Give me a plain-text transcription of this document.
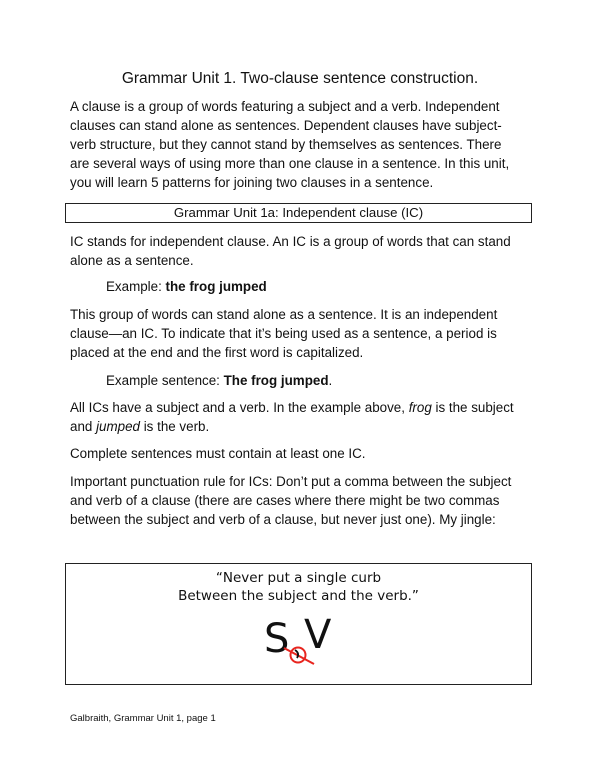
Grammar Unit 1. Two-clause sentence construction.
A clause is a group of words featuring a subject and a verb. Independent
clauses can stand alone as sentences. Dependent clauses have subject-
verb structure, but they cannot stand by themselves as sentences. There
are several ways of using more than one clause in a sentence. In this unit,
you will learn 5 patterns for joining two clauses in a sentence.
Grammar Unit 1a: Independent clause (IC)
IC stands for independent clause. An IC is a group of words that can stand
alone as a sentence.
Example: the frog jumped
This group of words can stand alone as a sentence. It is an independent
clause—an IC. To indicate that it’s being used as a sentence, a period is
placed at the end and the first word is capitalized.
Example sentence: The frog jumped.
All ICs have a subject and a verb. In the example above, frog is the subject
and jumped is the verb.
Complete sentences must contain at least one IC.
Important punctuation rule for ICs: Don’t put a comma between the subject
and verb of a clause (there are cases where there might be two commas
between the subject and verb of a clause, but never just one). My jingle:
“Never put a single curb
Between the subject and the verb.”
S V
Galbraith, Grammar Unit 1, page 1
